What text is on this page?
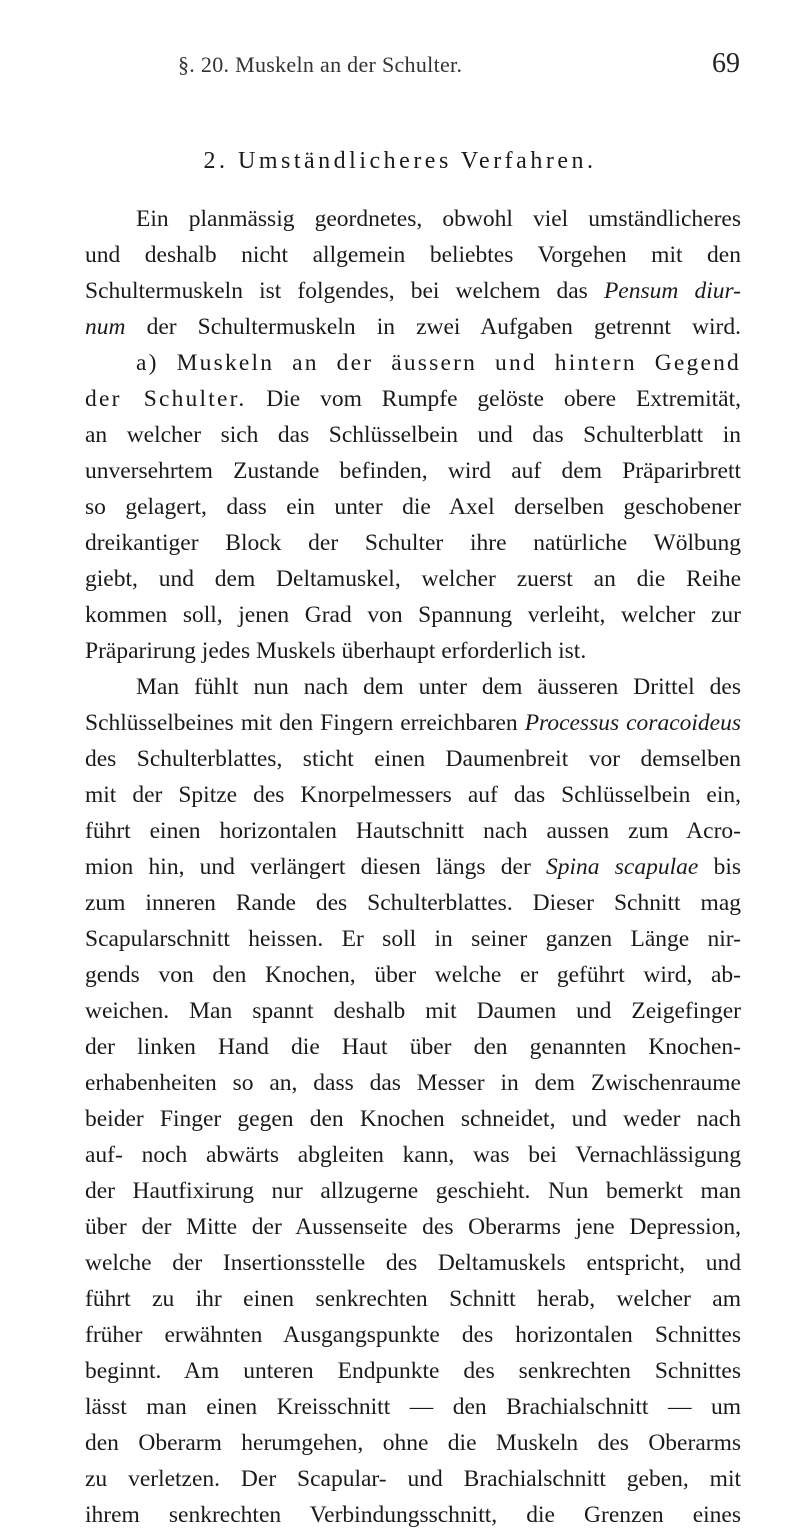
§. 20. Muskeln an der Schulter.	69
2. Umständlicheres Verfahren.
Ein planmässig geordnetes, obwohl viel umständlicheres
und deshalb nicht allgemein beliebtes Vorgehen mit den
Schultermuskeln ist folgendes, bei welchem das Pensum diur-
num der Schultermuskeln in zwei Aufgaben getrennt wird.
a) Muskeln an der äussern und hintern Gegend
der Schulter. Die vom Rumpfe gelöste obere Extremität,
an welcher sich das Schlüsselbein und das Schulterblatt in
unversehrtem Zustande befinden, wird auf dem Präparirbrett
so gelagert, dass ein unter die Axel derselben geschobener
dreikantiger Block der Schulter ihre natürliche Wölbung
giebt, und dem Deltamuskel, welcher zuerst an die Reihe
kommen soll, jenen Grad von Spannung verleiht, welcher zur
Präparirung jedes Muskels überhaupt erforderlich ist.
Man fühlt nun nach dem unter dem äusseren Drittel des
Schlüsselbeines mit den Fingern erreichbaren Processus coracoideus
des Schulterblattes, sticht einen Daumenbreit vor demselben
mit der Spitze des Knorpelmessers auf das Schlüsselbein ein,
führt einen horizontalen Hautschnitt nach aussen zum Acro-
mion hin, und verlängert diesen längs der Spina scapulae bis
zum inneren Rande des Schulterblattes. Dieser Schnitt mag
Scapularschnitt heissen. Er soll in seiner ganzen Länge nir-
gends von den Knochen, über welche er geführt wird, ab-
weichen. Man spannt deshalb mit Daumen und Zeigefinger
der linken Hand die Haut über den genannten Knochen-
erhabenheiten so an, dass das Messer in dem Zwischenraume
beider Finger gegen den Knochen schneidet, und weder nach
auf- noch abwärts abgleiten kann, was bei Vernachlässigung
der Hautfixirung nur allzugerne geschieht. Nun bemerkt man
über der Mitte der Aussenseite des Oberarms jene Depression,
welche der Insertionsstelle des Deltamuskels entspricht, und
führt zu ihr einen senkrechten Schnitt herab, welcher am
früher erwähnten Ausgangspunkte des horizontalen Schnittes
beginnt. Am unteren Endpunkte des senkrechten Schnittes
lässt man einen Kreisschnitt — den Brachialschnitt — um
den Oberarm herumgehen, ohne die Muskeln des Oberarms
zu verletzen. Der Scapular- und Brachialschnitt geben, mit
ihrem senkrechten Verbindungsschnitt, die Grenzen eines
